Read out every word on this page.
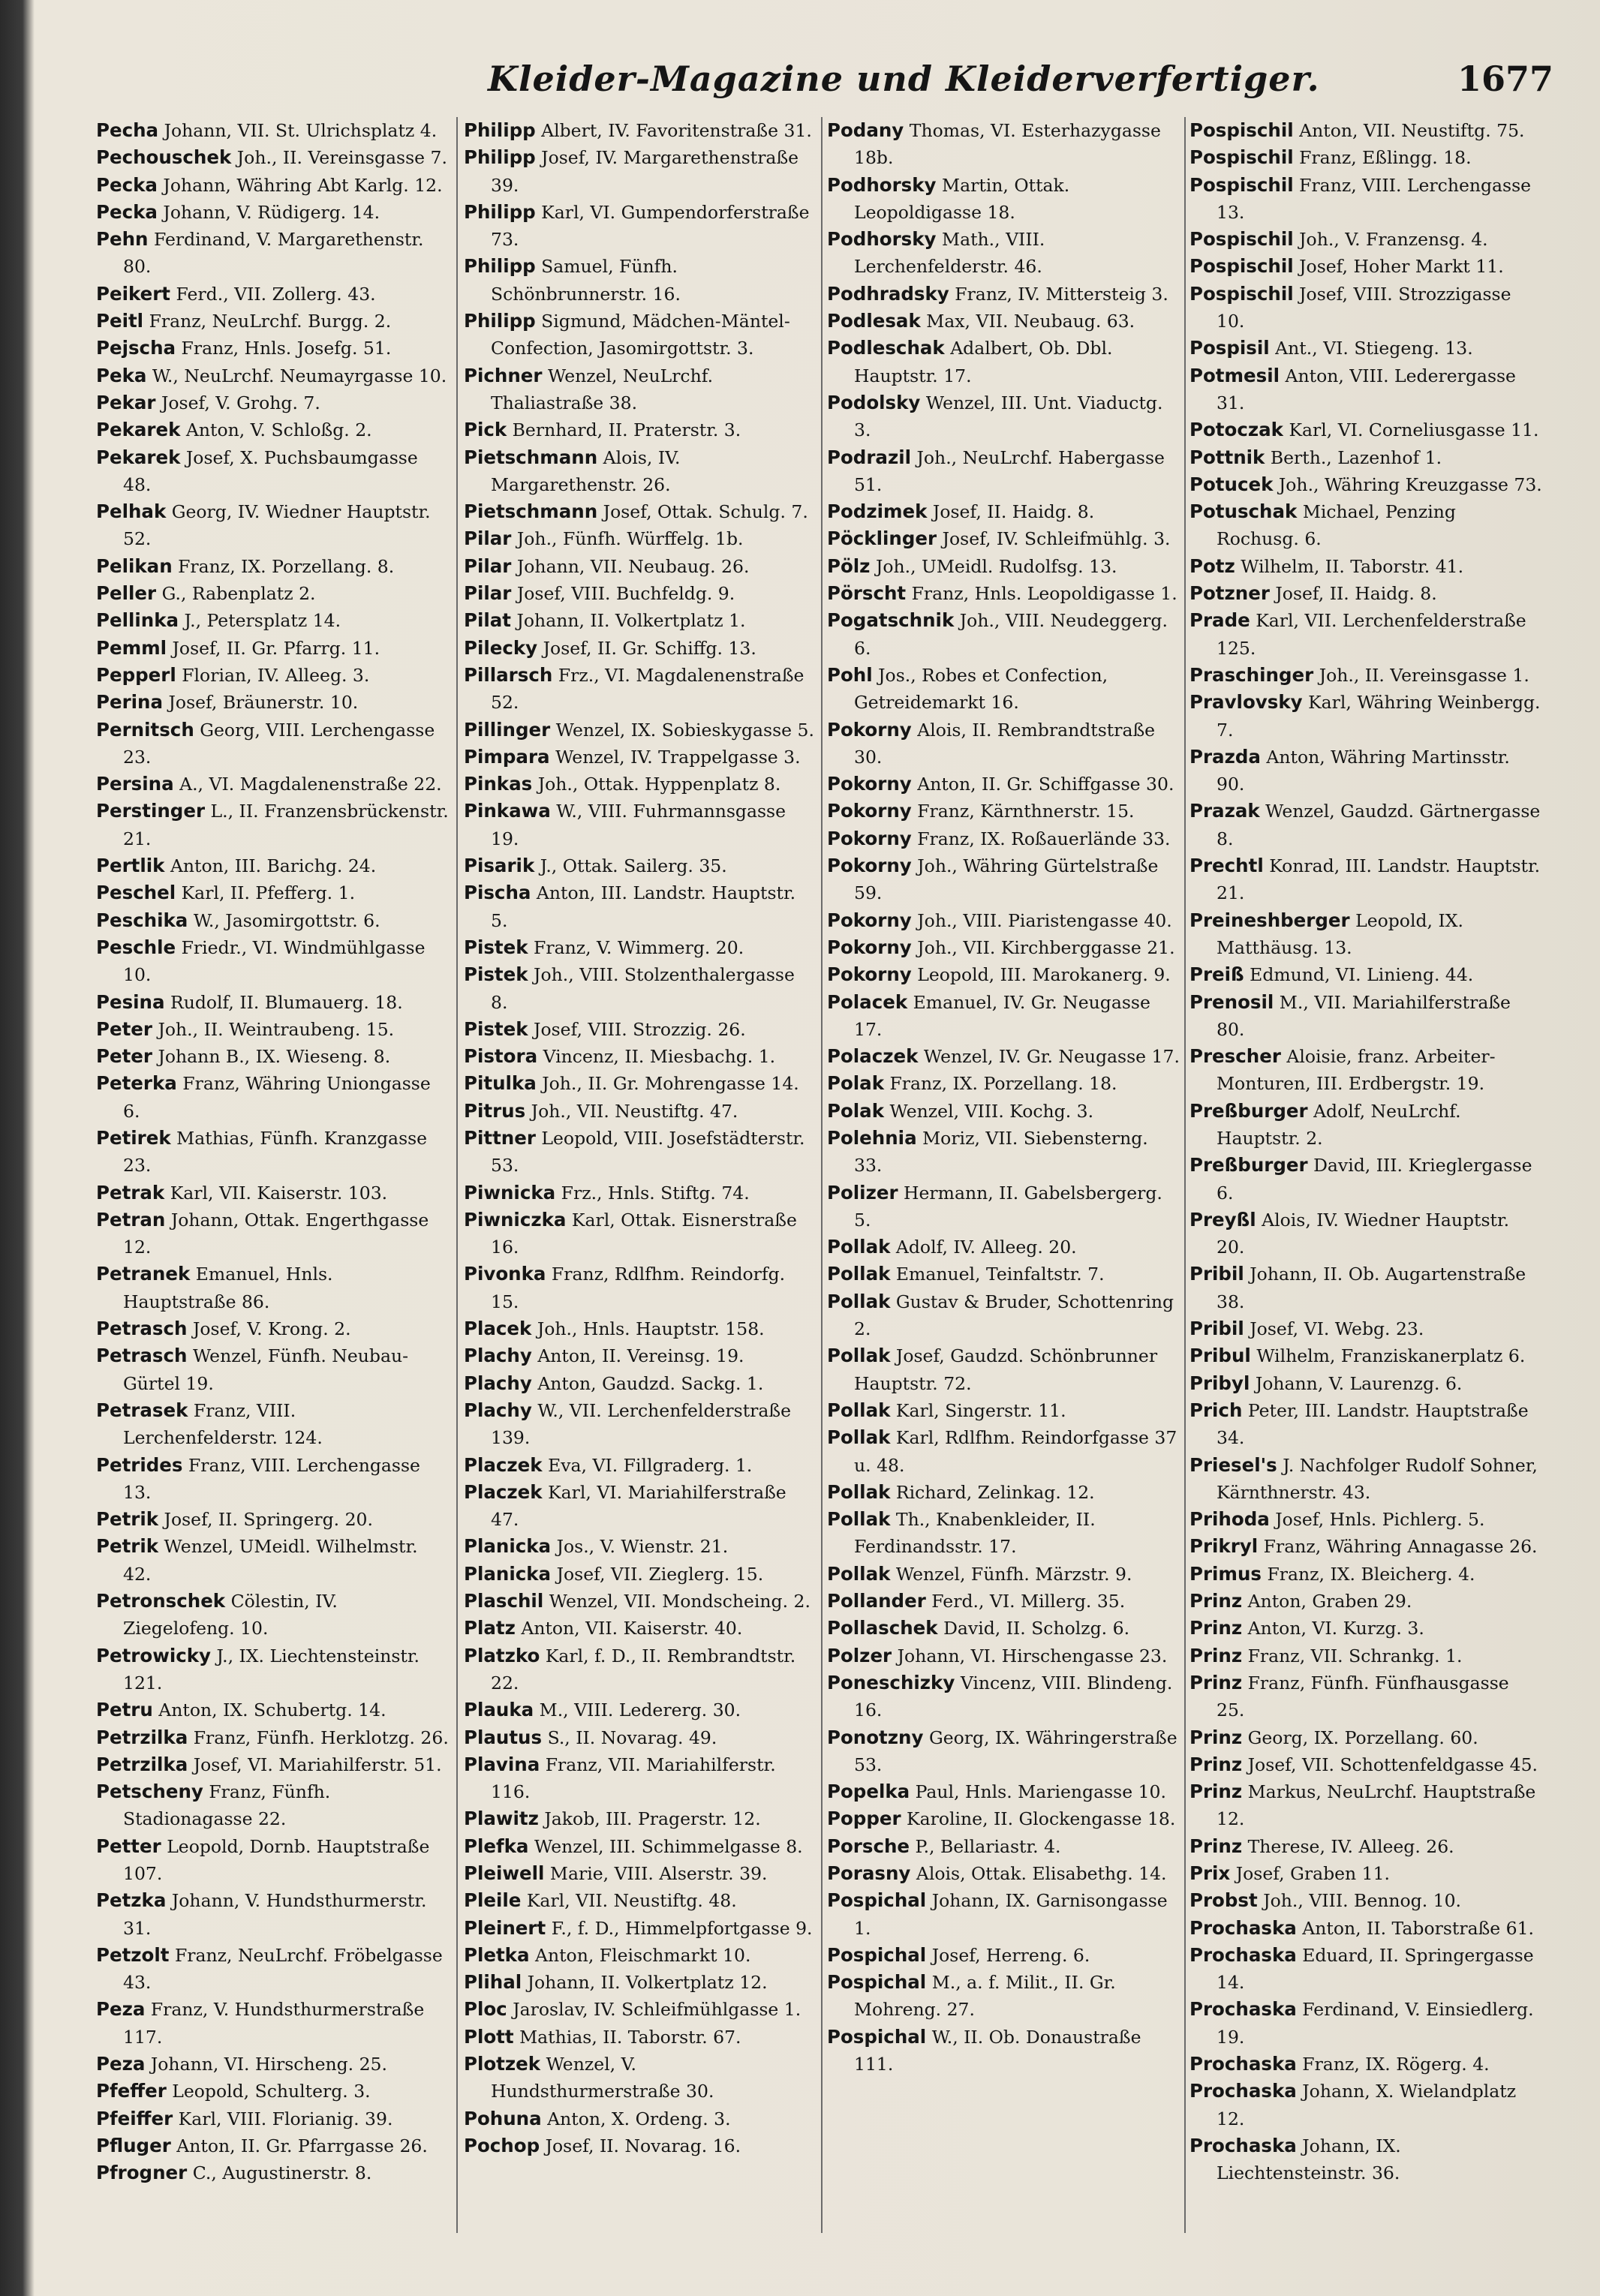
Kleider-Magazine und Kleiderverfertiger.	1677

Pecha Johann, VII. St. Ulrichsplatz 4.

Pechouschek Joh., II. Vereinsgasse 7.

Pecka Johann, Währing Abt Karlg. 12.

Pecka Johann, V. Rüdigerg. 14.

Pehn Ferdinand, V. Margarethenstr. 80.

Peikert Ferd., VII. Zollerg. 43.

Peitl Franz, NeuLrchf. Burgg. 2.

Pejscha Franz, Hnls. Josefg. 51.

Peka W., NeuLrchf. Neumayrgasse 10.

Pekar Josef, V. Grohg. 7.

Pekarek Anton, V. Schloßg. 2.

Pekarek Josef, X. Puchsbaumgasse 48.

Pelhak Georg, IV. Wiedner Hauptstr. 52.

Pelikan Franz, IX. Porzellang. 8.

Peller G., Rabenplatz 2.

Pellinka J., Petersplatz 14.

Pemml Josef, II. Gr. Pfarrg. 11.

Pepperl Florian, IV. Alleeg. 3.

Perina Josef, Bräunerstr. 10.

Pernitsch Georg, VIII. Lerchengasse 23.

Persina A., VI. Magdalenenstraße 22.

Perstinger L., II. Franzensbrückenstr. 21.

Pertlik Anton, III. Barichg. 24.

Peschel Karl, II. Pfefferg. 1.

Peschika W., Jasomirgottstr. 6.

Peschle Friedr., VI. Windmühlgasse 10.

Pesina Rudolf, II. Blumauerg. 18.

Peter Joh., II. Weintraubeng. 15.

Peter Johann B., IX. Wieseng. 8.

Peterka Franz, Währing Uniongasse 6.

Petirek Mathias, Fünfh. Kranzgasse 23.

Petrak Karl, VII. Kaiserstr. 103.

Petran Johann, Ottak. Engerthgasse 12.

Petranek Emanuel, Hnls. Hauptstraße 86.

Petrasch Josef, V. Krong. 2.

Petrasch Wenzel, Fünfh. Neubau-Gürtel 19.

Petrasek Franz, VIII. Lerchenfelderstr. 124.

Petrides Franz, VIII. Lerchengasse 13.

Petrik Josef, II. Springerg. 20.

Petrik Wenzel, UMeidl. Wilhelmstr. 42.

Petronschek Cölestin, IV. Ziegelofeng. 10.

Petrowicky J., IX. Liechtensteinstr. 121.

Petru Anton, IX. Schubertg. 14.

Petrzilka Franz, Fünfh. Herklotzg. 26.

Petrzilka Josef, VI. Mariahilferstr. 51.

Petscheny Franz, Fünfh. Stadionagasse 22.

Petter Leopold, Dornb. Hauptstraße 107.

Petzka Johann, V. Hundsthurmerstr. 31.

Petzolt Franz, NeuLrchf. Fröbelgasse 43.

Peza Franz, V. Hundsthurmerstraße 117.

Peza Johann, VI. Hirscheng. 25.

Pfeffer Leopold, Schulterg. 3.

Pfeiffer Karl, VIII. Florianig. 39.

Pfluger Anton, II. Gr. Pfarrgasse 26.

Pfrogner C., Augustinerstr. 8.

Philipp Albert, IV. Favoritenstraße 31.

Philipp Josef, IV. Margarethenstraße 39.

Philipp Karl, VI. Gumpendorferstraße 73.

Philipp Samuel, Fünfh. Schönbrunnerstr. 16.

Philipp Sigmund, Mädchen-Mäntel-Confection, Jasomirgottstr. 3.

Pichner Wenzel, NeuLrchf. Thaliastraße 38.

Pick Bernhard, II. Praterstr. 3.

Pietschmann Alois, IV. Margarethenstr. 26.

Pietschmann Josef, Ottak. Schulg. 7.

Pilar Joh., Fünfh. Würffelg. 1b.

Pilar Johann, VII. Neubaug. 26.

Pilar Josef, VIII. Buchfeldg. 9.

Pilat Johann, II. Volkertplatz 1.

Pilecky Josef, II. Gr. Schiffg. 13.

Pillarsch Frz., VI. Magdalenenstraße 52.

Pillinger Wenzel, IX. Sobieskygasse 5.

Pimpara Wenzel, IV. Trappelgasse 3.

Pinkas Joh., Ottak. Hyppenplatz 8.

Pinkawa W., VIII. Fuhrmannsgasse 19.

Pisarik J., Ottak. Sailerg. 35.

Pischa Anton, III. Landstr. Hauptstr. 5.

Pistek Franz, V. Wimmerg. 20.

Pistek Joh., VIII. Stolzenthalergasse 8.

Pistek Josef, VIII. Strozzig. 26.

Pistora Vincenz, II. Miesbachg. 1.

Pitulka Joh., II. Gr. Mohrengasse 14.

Pitrus Joh., VII. Neustiftg. 47.

Pittner Leopold, VIII. Josefstädterstr. 53.

Piwnicka Frz., Hnls. Stiftg. 74.

Piwniczka Karl, Ottak. Eisnerstraße 16.

Pivonka Franz, Rdlfhm. Reindorfg. 15.

Placek Joh., Hnls. Hauptstr. 158.

Plachy Anton, II. Vereinsg. 19.

Plachy Anton, Gaudzd. Sackg. 1.

Plachy W., VII. Lerchenfelderstraße 139.

Placzek Eva, VI. Fillgraderg. 1.

Placzek Karl, VI. Mariahilferstraße 47.

Planicka Jos., V. Wienstr. 21.

Planicka Josef, VII. Zieglerg. 15.

Plaschil Wenzel, VII. Mondscheing. 2.

Platz Anton, VII. Kaiserstr. 40.

Platzko Karl, f. D., II. Rembrandtstr. 22.

Plauka M., VIII. Ledererg. 30.

Plautus S., II. Novarag. 49.

Plavina Franz, VII. Mariahilferstr. 116.

Plawitz Jakob, III. Pragerstr. 12.

Plefka Wenzel, III. Schimmelgasse 8.

Pleiwell Marie, VIII. Alserstr. 39.

Pleile Karl, VII. Neustiftg. 48.

Pleinert F., f. D., Himmelpfortgasse 9.

Pletka Anton, Fleischmarkt 10.

Plihal Johann, II. Volkertplatz 12.

Ploc Jaroslav, IV. Schleifmühlgasse 1.

Plott Mathias, II. Taborstr. 67.

Plotzek Wenzel, V. Hundsthurmerstraße 30.

Pohuna Anton, X. Ordeng. 3.

Pochop Josef, II. Novarag. 16.

Podany Thomas, VI. Esterhazygasse 18b.

Podhorsky Martin, Ottak. Leopoldigasse 18.

Podhorsky Math., VIII. Lerchenfelderstr. 46.

Podhradsky Franz, IV. Mittersteig 3.

Podlesak Max, VII. Neubaug. 63.

Podleschak Adalbert, Ob. Dbl. Hauptstr. 17.

Podolsky Wenzel, III. Unt. Viaductg. 3.

Podrazil Joh., NeuLrchf. Habergasse 51.

Podzimek Josef, II. Haidg. 8.

Pöcklinger Josef, IV. Schleifmühlg. 3.

Pölz Joh., UMeidl. Rudolfsg. 13.

Pörscht Franz, Hnls. Leopoldigasse 1.

Pogatschnik Joh., VIII. Neudeggerg. 6.

Pohl Jos., Robes et Confection, Getreidemarkt 16.

Pokorny Alois, II. Rembrandtstraße 30.

Pokorny Anton, II. Gr. Schiffgasse 30.

Pokorny Franz, Kärnthnerstr. 15.

Pokorny Franz, IX. Roßauerlände 33.

Pokorny Joh., Währing Gürtelstraße 59.

Pokorny Joh., VIII. Piaristengasse 40.

Pokorny Joh., VII. Kirchberggasse 21.

Pokorny Leopold, III. Marokanerg. 9.

Polacek Emanuel, IV. Gr. Neugasse 17.

Polaczek Wenzel, IV. Gr. Neugasse 17.

Polak Franz, IX. Porzellang. 18.

Polak Wenzel, VIII. Kochg. 3.

Polehnia Moriz, VII. Siebensterng. 33.

Polizer Hermann, II. Gabelsbergerg. 5.

Pollak Adolf, IV. Alleeg. 20.

Pollak Emanuel, Teinfaltstr. 7.

Pollak Gustav & Bruder, Schottenring 2.

Pollak Josef, Gaudzd. Schönbrunner Hauptstr. 72.

Pollak Karl, Singerstr. 11.

Pollak Karl, Rdlfhm. Reindorfgasse 37 u. 48.

Pollak Richard, Zelinkag. 12.

Pollak Th., Knabenkleider, II. Ferdinandsstr. 17.

Pollak Wenzel, Fünfh. Märzstr. 9.

Pollander Ferd., VI. Millerg. 35.

Pollaschek David, II. Scholzg. 6.

Polzer Johann, VI. Hirschengasse 23.

Poneschizky Vincenz, VIII. Blindeng. 16.

Ponotzny Georg, IX. Währingerstraße 53.

Popelka Paul, Hnls. Mariengasse 10.

Popper Karoline, II. Glockengasse 18.

Porsche P., Bellariastr. 4.

Porasny Alois, Ottak. Elisabethg. 14.

Pospichal Johann, IX. Garnisongasse 1.

Pospichal Josef, Herreng. 6.

Pospichal M., a. f. Milit., II. Gr. Mohreng. 27.

Pospichal W., II. Ob. Donaustraße 111.

Pospischil Anton, VII. Neustiftg. 75.

Pospischil Franz, Eßlingg. 18.

Pospischil Franz, VIII. Lerchengasse 13.

Pospischil Joh., V. Franzensg. 4.

Pospischil Josef, Hoher Markt 11.

Pospischil Josef, VIII. Strozzigasse 10.

Pospisil Ant., VI. Stiegeng. 13.

Potmesil Anton, VIII. Lederergasse 31.

Potoczak Karl, VI. Corneliusgasse 11.

Pottnik Berth., Lazenhof 1.

Potucek Joh., Währing Kreuzgasse 73.

Potuschak Michael, Penzing Rochusg. 6.

Potz Wilhelm, II. Taborstr. 41.

Potzner Josef, II. Haidg. 8.

Prade Karl, VII. Lerchenfelderstraße 125.

Praschinger Joh., II. Vereinsgasse 1.

Pravlovsky Karl, Währing Weinbergg. 7.

Prazda Anton, Währing Martinsstr. 90.

Prazak Wenzel, Gaudzd. Gärtnergasse 8.

Prechtl Konrad, III. Landstr. Hauptstr. 21.

Preineshberger Leopold, IX. Matthäusg. 13.

Preiß Edmund, VI. Linieng. 44.

Prenosil M., VII. Mariahilferstraße 80.

Prescher Aloisie, franz. Arbeiter-Monturen, III. Erdbergstr. 19.

Preßburger Adolf, NeuLrchf. Hauptstr. 2.

Preßburger David, III. Krieglergasse 6.

Preyßl Alois, IV. Wiedner Hauptstr. 20.

Pribil Johann, II. Ob. Augartenstraße 38.

Pribil Josef, VI. Webg. 23.

Pribul Wilhelm, Franziskanerplatz 6.

Pribyl Johann, V. Laurenzg. 6.

Prich Peter, III. Landstr. Hauptstraße 34.

Priesel's J. Nachfolger Rudolf Sohner, Kärnthnerstr. 43.

Prihoda Josef, Hnls. Pichlerg. 5.

Prikryl Franz, Währing Annagasse 26.

Primus Franz, IX. Bleicherg. 4.

Prinz Anton, Graben 29.

Prinz Anton, VI. Kurzg. 3.

Prinz Franz, VII. Schrankg. 1.

Prinz Franz, Fünfh. Fünfhausgasse 25.

Prinz Georg, IX. Porzellang. 60.

Prinz Josef, VII. Schottenfeldgasse 45.

Prinz Markus, NeuLrchf. Hauptstraße 12.

Prinz Therese, IV. Alleeg. 26.

Prix Josef, Graben 11.

Probst Joh., VIII. Bennog. 10.

Prochaska Anton, II. Taborstraße 61.

Prochaska Eduard, II. Springergasse 14.

Prochaska Ferdinand, V. Einsiedlerg. 19.

Prochaska Franz, IX. Rögerg. 4.

Prochaska Johann, X. Wielandplatz 12.

Prochaska Johann, IX. Liechtensteinstr. 36.
